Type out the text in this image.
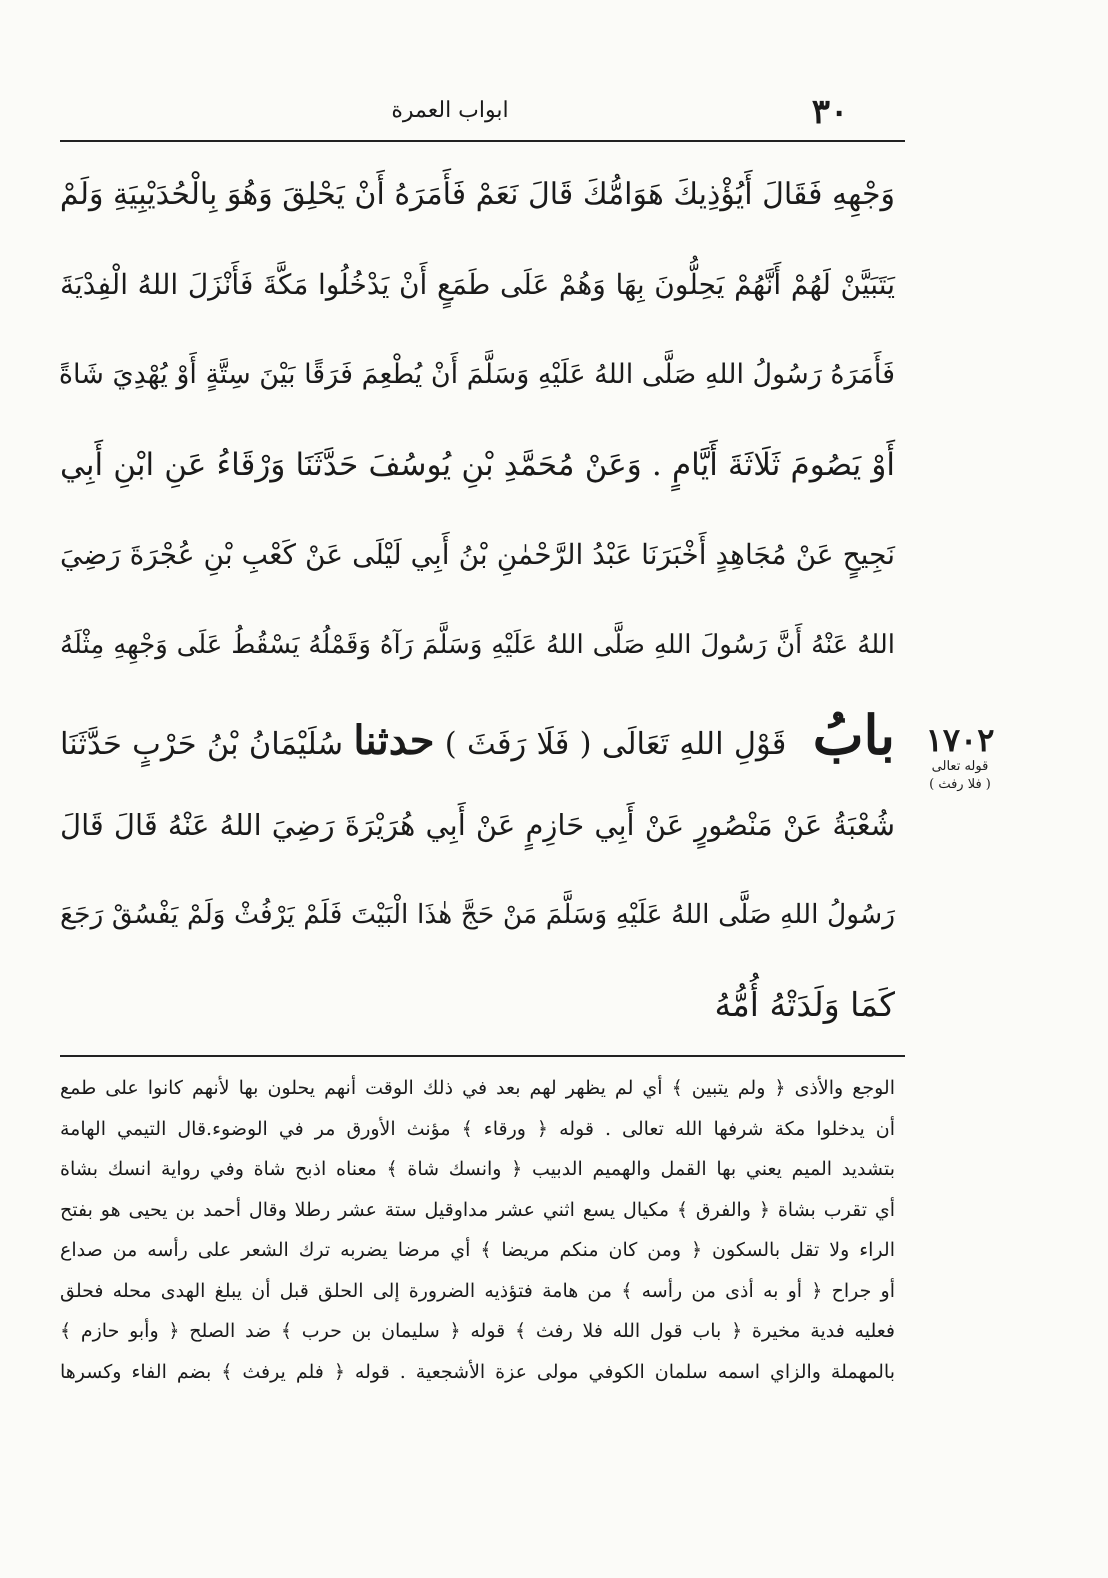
٣٠
ابواب العمرة
وَجْهِهِ فَقَالَ أَيُؤْذِيكَ هَوَامُّكَ قَالَ نَعَمْ فَأَمَرَهُ أَنْ يَحْلِقَ وَهُوَ بِالْحُدَيْبِيَةِ وَلَمْ
يَتَبَيَّنْ لَهُمْ أَنَّهُمْ يَحِلُّونَ بِهَا وَهُمْ عَلَى طَمَعٍ أَنْ يَدْخُلُوا مَكَّةَ فَأَنْزَلَ اللهُ الْفِدْيَةَ
فَأَمَرَهُ رَسُولُ اللهِ صَلَّى اللهُ عَلَيْهِ وَسَلَّمَ أَنْ يُطْعِمَ فَرَقًا بَيْنَ سِتَّةٍ أَوْ يُهْدِيَ شَاةً
أَوْ يَصُومَ ثَلَاثَةَ أَيَّامٍ . وَعَنْ مُحَمَّدِ بْنِ يُوسُفَ حَدَّثَنَا وَرْقَاءُ عَنِ ابْنِ أَبِي
نَجِيحٍ عَنْ مُجَاهِدٍ أَخْبَرَنَا عَبْدُ الرَّحْمٰنِ بْنُ أَبِي لَيْلَى عَنْ كَعْبِ بْنِ عُجْرَةَ رَضِيَ
اللهُ عَنْهُ أَنَّ رَسُولَ اللهِ صَلَّى اللهُ عَلَيْهِ وَسَلَّمَ رَآهُ وَقَمْلُهُ يَسْقُطُ عَلَى وَجْهِهِ مِثْلَهُ
بابُ قَوْلِ اللهِ تَعَالَى ( فَلَا رَفَثَ ) حدثنا سُلَيْمَانُ بْنُ حَرْبٍ حَدَّثَنَا
شُعْبَةُ عَنْ مَنْصُورٍ عَنْ أَبِي حَازِمٍ عَنْ أَبِي هُرَيْرَةَ رَضِيَ اللهُ عَنْهُ قَالَ قَالَ
رَسُولُ اللهِ صَلَّى اللهُ عَلَيْهِ وَسَلَّمَ مَنْ حَجَّ هٰذَا الْبَيْتَ فَلَمْ يَرْفُثْ وَلَمْ يَفْسُقْ رَجَعَ
كَمَا وَلَدَتْهُ أُمُّهُ
١٧٠٢
قوله تعالى
( فلا رفث )
الوجع والأذى ﴿ ولم يتبين ﴾ أي لم يظهر لهم بعد في ذلك الوقت أنهم يحلون بها لأنهم كانوا على طمع
أن يدخلوا مكة شرفها الله تعالى . قوله ﴿ ورقاء ﴾ مؤنث الأورق مر في الوضوء.قال التيمي الهامة
بتشديد الميم يعني بها القمل والهميم الدبيب ﴿ وانسك شاة ﴾ معناه اذبح شاة وفي رواية انسك بشاة
أي تقرب بشاة ﴿ والفرق ﴾ مكيال يسع اثني عشر مداوقيل ستة عشر رطلا وقال أحمد بن يحيى هو بفتح
الراء ولا تقل بالسكون ﴿ ومن كان منكم مريضا ﴾ أي مرضا يضربه ترك الشعر على رأسه من صداع
أو جراح ﴿ أو به أذى من رأسه ﴾ من هامة فتؤذيه الضرورة إلى الحلق قبل أن يبلغ الهدى محله فحلق
فعليه فدية مخيرة ﴿ باب قول الله فلا رفث ﴾ قوله ﴿ سليمان بن حرب ﴾ ضد الصلح ﴿ وأبو حازم ﴾
بالمهملة والزاي اسمه سلمان الكوفي مولى عزة الأشجعية . قوله ﴿ فلم يرفث ﴾ بضم الفاء وكسرها
